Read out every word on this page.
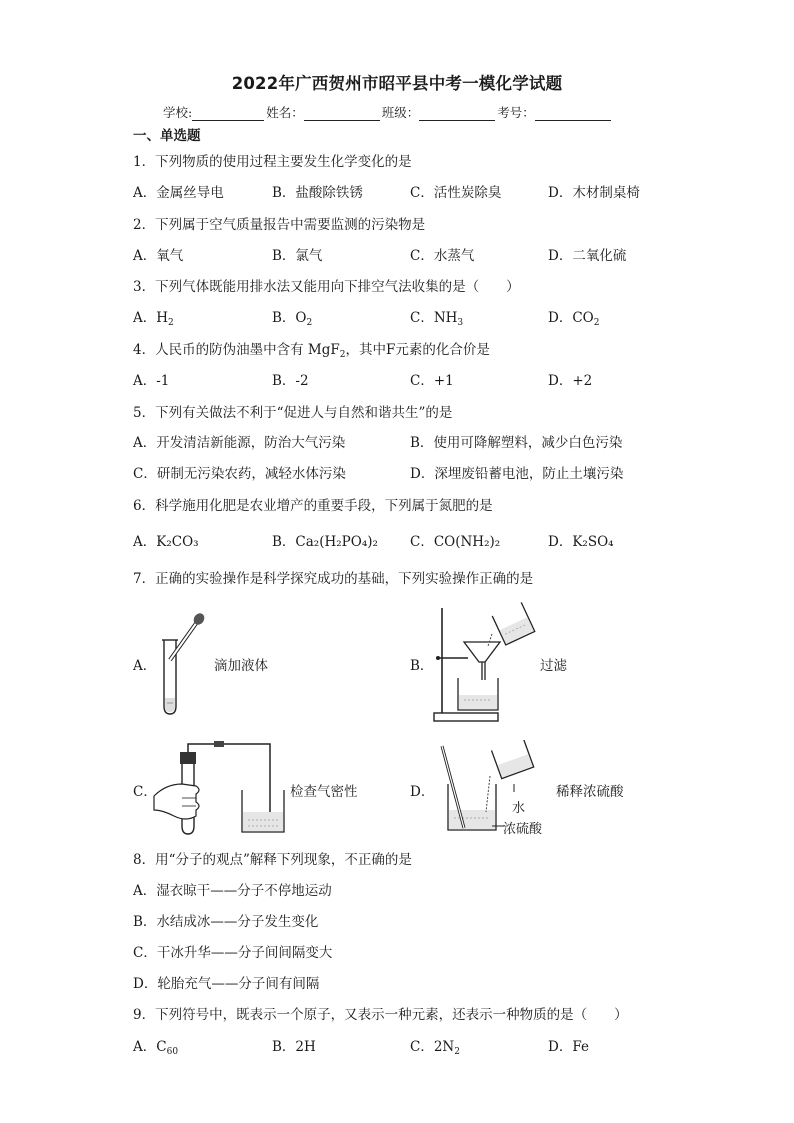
2022年广西贺州市昭平县中考一模化学试题
学校:	姓名：	班级：	考号：
一、单选题
1．下列物质的使用过程主要发生化学变化的是
A．金属丝导电	B．盐酸除铁锈	C．活性炭除臭	D．木材制桌椅
2．下列属于空气质量报告中需要监测的污染物是
A．氧气	B．氯气	C．水蒸气	D．二氧化硫
3．下列气体既能用排水法又能用向下排空气法收集的是（　　）
A．$H_2$	B．$O_2$	C．$NH_3$	D．$CO_2$
4．人民币的防伪油墨中含有 MgF$_2$，其中F元素的化合价是
A．-1	B．-2	C．+1	D．+2
5．下列有关做法不利于“促进人与自然和谐共生”的是
A．开发清洁新能源，防治大气污染	B．使用可降解塑料，减少白色污染
C．研制无污染农药，减轻水体污染	D．深埋废铅蓄电池，防止土壤污染
6．科学施用化肥是农业增产的重要手段，下列属于氮肥的是
A．K₂CO₃	B．Ca₂(H₂PO₄)₂ C．CO(NH₂)₂	D．K₂SO₄
7．正确的实验操作是科学探究成功的基础，下列实验操作正确的是
A．	滴加液体	B．	过滤
C．	检查气密性	D．	稀释浓硫酸
水
浓硫酸
8．用“分子的观点”解释下列现象，不正确的是
A．湿衣晾干——分子不停地运动
B．水结成冰——分子发生变化
C．干冰升华——分子间间隔变大
D．轮胎充气——分子间有间隔
9．下列符号中，既表示一个原子，又表示一种元素，还表示一种物质的是（　　）
A．$C_{60}$	B．2H	C．$2N_2$	D．Fe
